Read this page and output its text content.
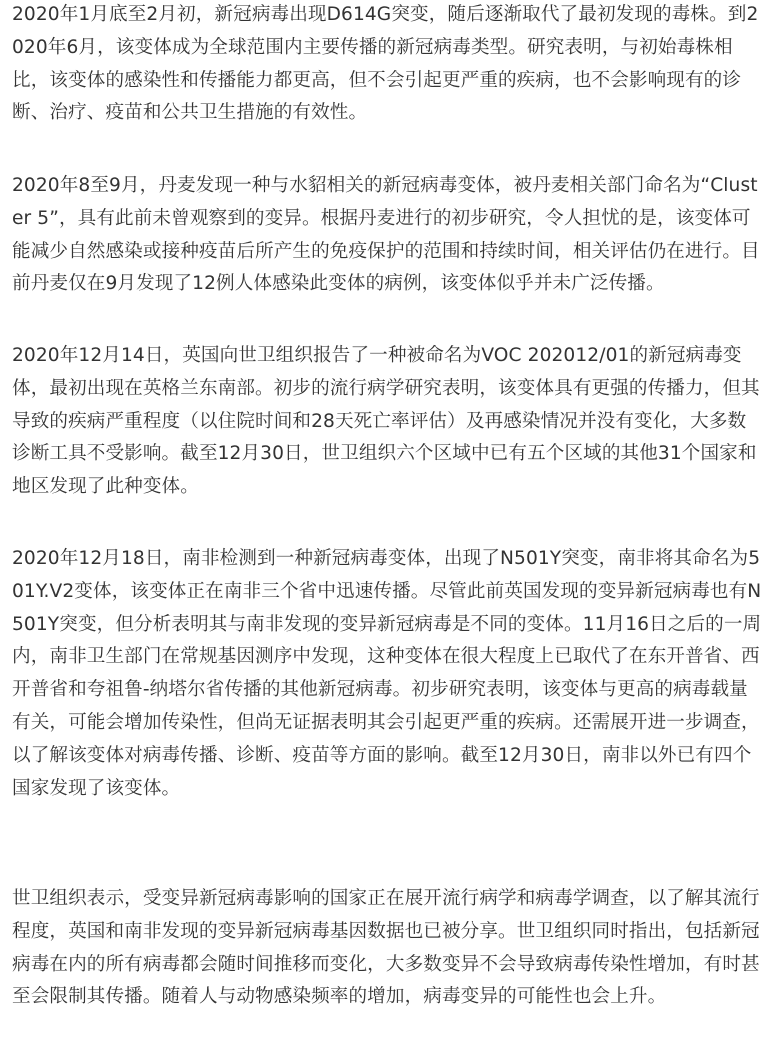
2020年1月底至2月初，新冠病毒出现D614G突变，随后逐渐取代了最初发现的毒株。到2020年6月，该变体成为全球范围内主要传播的新冠病毒类型。研究表明，与初始毒株相比，该变体的感染性和传播能力都更高，但不会引起更严重的疾病，也不会影响现有的诊断、治疗、疫苗和公共卫生措施的有效性。

2020年8至9月，丹麦发现一种与水貂相关的新冠病毒变体，被丹麦相关部门命名为“Cluster 5”，具有此前未曾观察到的变异。根据丹麦进行的初步研究，令人担忧的是，该变体可能减少自然感染或接种疫苗后所产生的免疫保护的范围和持续时间，相关评估仍在进行。目前丹麦仅在9月发现了12例人体感染此变体的病例，该变体似乎并未广泛传播。

2020年12月14日，英国向世卫组织报告了一种被命名为VOC 202012/01的新冠病毒变体，最初出现在英格兰东南部。初步的流行病学研究表明，该变体具有更强的传播力，但其导致的疾病严重程度（以住院时间和28天死亡率评估）及再感染情况并没有变化，大多数诊断工具不受影响。截至12月30日，世卫组织六个区域中已有五个区域的其他31个国家和地区发现了此种变体。

2020年12月18日，南非检测到一种新冠病毒变体，出现了N501Y突变，南非将其命名为501Y.V2变体，该变体正在南非三个省中迅速传播。尽管此前英国发现的变异新冠病毒也有N501Y突变，但分析表明其与南非发现的变异新冠病毒是不同的变体。11月16日之后的一周内，南非卫生部门在常规基因测序中发现，这种变体在很大程度上已取代了在东开普省、西开普省和夸祖鲁-纳塔尔省传播的其他新冠病毒。初步研究表明，该变体与更高的病毒载量有关，可能会增加传染性，但尚无证据表明其会引起更严重的疾病。还需展开进一步调查，以了解该变体对病毒传播、诊断、疫苗等方面的影响。截至12月30日，南非以外已有四个国家发现了该变体。

世卫组织表示，受变异新冠病毒影响的国家正在展开流行病学和病毒学调查，以了解其流行程度，英国和南非发现的变异新冠病毒基因数据也已被分享。世卫组织同时指出，包括新冠病毒在内的所有病毒都会随时间推移而变化，大多数变异不会导致病毒传染性增加，有时甚至会限制其传播。随着人与动物感染频率的增加，病毒变异的可能性也会上升。
